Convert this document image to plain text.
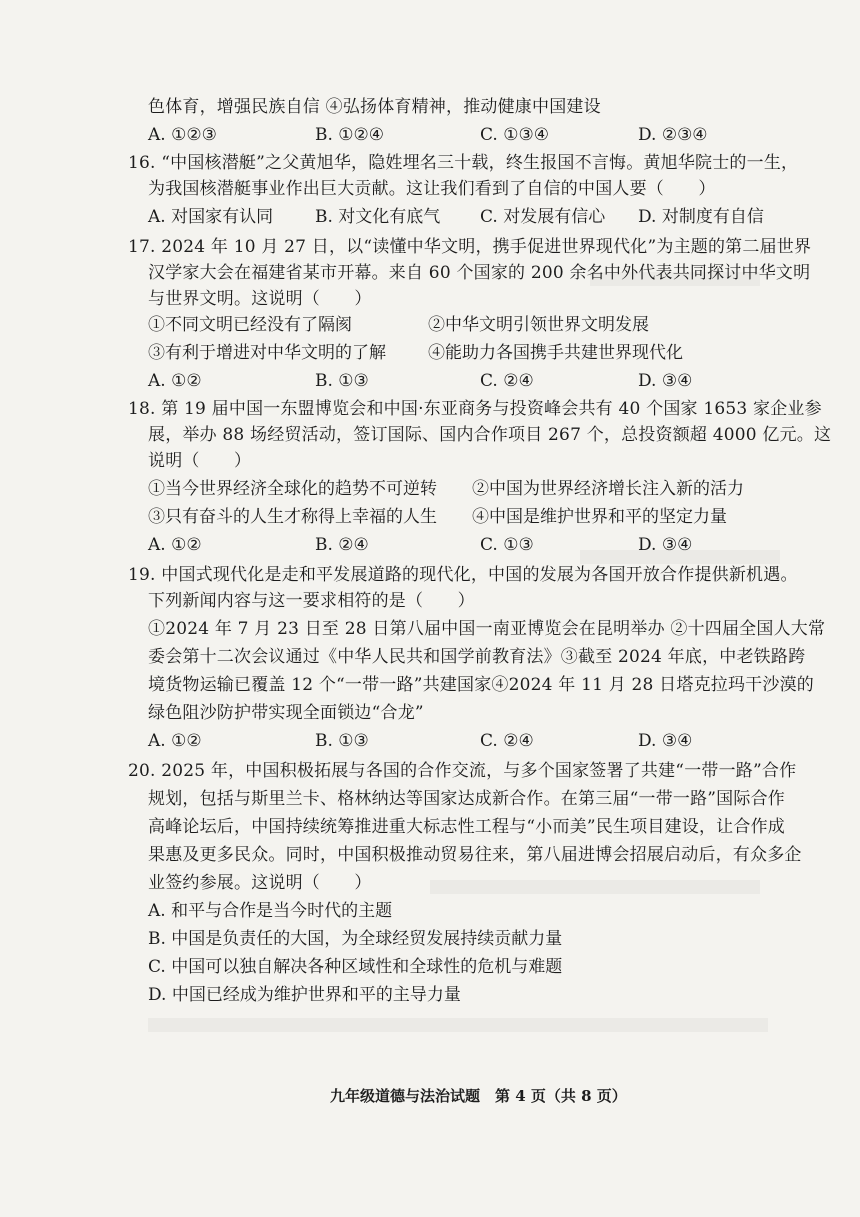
色体育，增强民族自信 ④弘扬体育精神，推动健康中国建设
A. ①②③	B. ①②④	C. ①③④	D. ②③④
16. “中国核潜艇”之父黄旭华，隐姓埋名三十载，终生报国不言悔。黄旭华院士的一生，
为我国核潜艇事业作出巨大贡献。这让我们看到了自信的中国人要（　　）
A. 对国家有认同 B. 对文化有底气 C. 对发展有信心 D. 对制度有自信
17. 2024 年 10 月 27 日，以“读懂中华文明，携手促进世界现代化”为主题的第二届世界
汉学家大会在福建省某市开幕。来自 60 个国家的 200 余名中外代表共同探讨中华文明
与世界文明。这说明（　　）
①不同文明已经没有了隔阂	②中华文明引领世界文明发展
③有利于增进对中华文明的了解 ④能助力各国携手共建世界现代化
A. ①②	B. ①③	C. ②④	D. ③④
18. 第 19 届中国一东盟博览会和中国·东亚商务与投资峰会共有 40 个国家 1653 家企业参
展，举办 88 场经贸活动，签订国际、国内合作项目 267 个，总投资额超 4000 亿元。这
说明（　　）
①当今世界经济全球化的趋势不可逆转 ②中国为世界经济增长注入新的活力
③只有奋斗的人生才称得上幸福的人生 ④中国是维护世界和平的坚定力量
A. ①②	B. ②④	C. ①③	D. ③④
19. 中国式现代化是走和平发展道路的现代化，中国的发展为各国开放合作提供新机遇。
下列新闻内容与这一要求相符的是（　　）
①2024 年 7 月 23 日至 28 日第八届中国一南亚博览会在昆明举办 ②十四届全国人大常
委会第十二次会议通过《中华人民共和国学前教育法》③截至 2024 年底，中老铁路跨
境货物运输已覆盖 12 个“一带一路”共建国家④2024 年 11 月 28 日塔克拉玛干沙漠的
绿色阻沙防护带实现全面锁边“合龙”
A. ①②	B. ①③	C. ②④	D. ③④
20. 2025 年，中国积极拓展与各国的合作交流，与多个国家签署了共建“一带一路”合作
规划，包括与斯里兰卡、格林纳达等国家达成新合作。在第三届“一带一路”国际合作
高峰论坛后，中国持续统筹推进重大标志性工程与“小而美”民生项目建设，让合作成
果惠及更多民众。同时，中国积极推动贸易往来，第八届进博会招展启动后，有众多企
业签约参展。这说明（　　）
A. 和平与合作是当今时代的主题
B. 中国是负责任的大国，为全球经贸发展持续贡献力量
C. 中国可以独自解决各种区域性和全球性的危机与难题
D. 中国已经成为维护世界和平的主导力量
九年级道德与法治试题　第 4 页（共 8 页）
